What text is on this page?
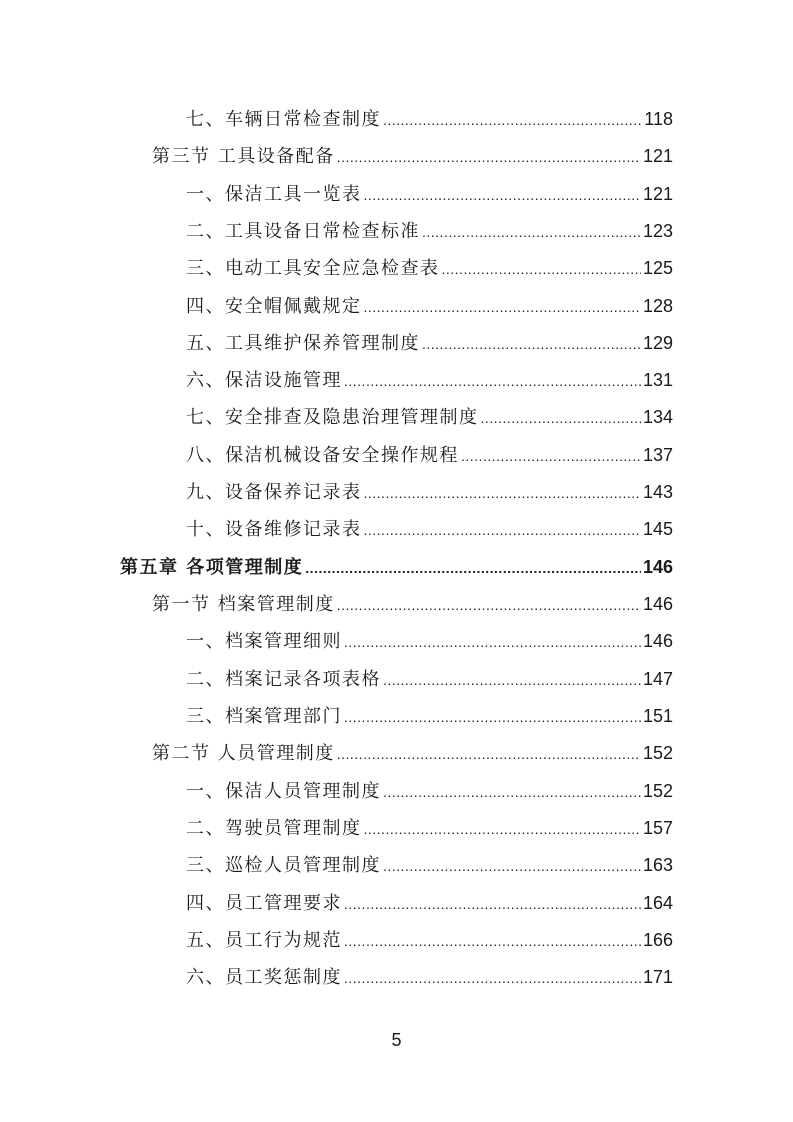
七、车辆日常检查制度 .....	118
第三节 工具设备配备 .....	121
一、保洁工具一览表 .....	121
二、工具设备日常检查标准 .....	123
三、电动工具安全应急检查表 .....	125
四、安全帽佩戴规定 .....	128
五、工具维护保养管理制度 .....	129
六、保洁设施管理 .....	131
七、安全排查及隐患治理管理制度 .....	134
八、保洁机械设备安全操作规程 .....	137
九、设备保养记录表 .....	143
十、设备维修记录表 .....	145
第五章 各项管理制度 .....	146
第一节 档案管理制度 .....	146
一、档案管理细则 .....	146
二、档案记录各项表格 .....	147
三、档案管理部门 .....	151
第二节 人员管理制度 .....	152
一、保洁人员管理制度 .....	152
二、驾驶员管理制度 .....	157
三、巡检人员管理制度 .....	163
四、员工管理要求 .....	164
五、员工行为规范 .....	166
六、员工奖惩制度 .....	171
5
